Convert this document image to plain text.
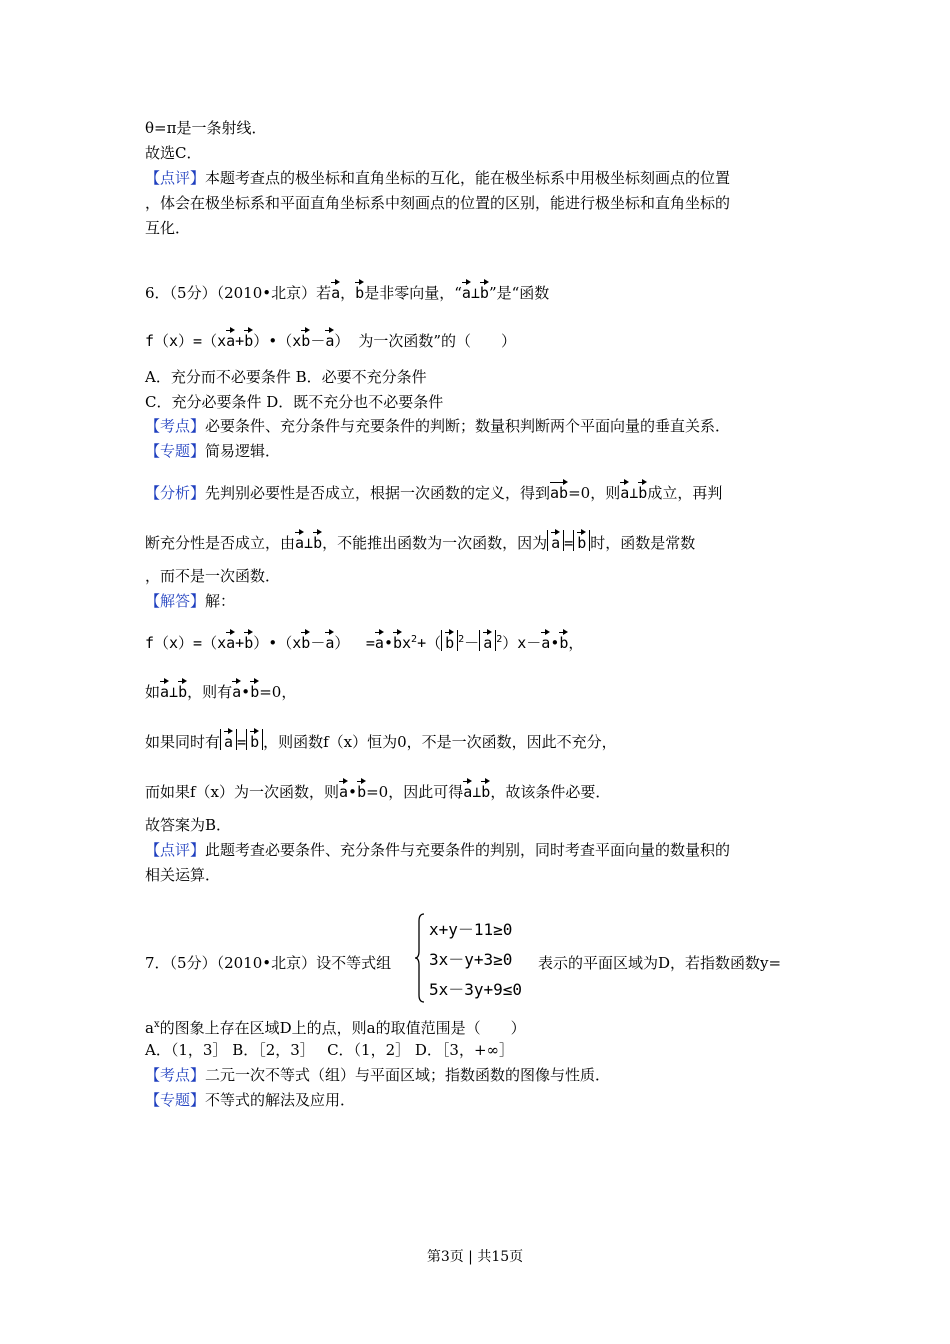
θ=π是一条射线．
故选C．
【点评】本题考查点的极坐标和直角坐标的互化，能在极坐标系中用极坐标刻画点的位置
，体会在极坐标系和平面直角坐标系中刻画点的位置的区别，能进行极坐标和直角坐标的
互化．
6．（5分）（2010•北京）若a，b是非零向量，“a⊥b”是“函数
f（x）=（xa+b）•（xb－a） 为一次函数”的（　　）
A．充分而不必要条件 B．必要不充分条件
C．充分必要条件 D．既不充分也不必要条件
【考点】必要条件、充分条件与充要条件的判断；数量积判断两个平面向量的垂直关系．
【专题】简易逻辑．
【分析】先判别必要性是否成立，根据一次函数的定义，得到ab=0，则a⊥b成立，再判
断充分性是否成立，由a⊥b，不能推出函数为一次函数，因为 a = b 时，函数是常数
，而不是一次函数．
【解答】解：
f（x）=（xa+b）•（xb－a）　 $=a•bx^2+$（ b $^2$－ a $^2$）x－a•b，
如a⊥b，则有a•b=0，
如果同时有 a = b ，则函数f（x）恒为0，不是一次函数，因此不充分，
而如果f（x）为一次函数，则a•b=0，因此可得a⊥b，故该条件必要．
故答案为B．
【点评】此题考查必要条件、充分条件与充要条件的判别，同时考查平面向量的数量积的
相关运算．
7．（5分）（2010•北京）设不等式组
x+y－11≥0
3x－y+3≥0
5x－3y+9≤0
表示的平面区域为D，若指数函数y=
$a^x$的图象上存在区域D上的点，则a的取值范围是（　　）
A．（1，3］ B．［2，3］　 C．（1，2］ D．［3，+∞］
【考点】二元一次不等式（组）与平面区域；指数函数的图像与性质．
【专题】不等式的解法及应用．
第3页 | 共15页
